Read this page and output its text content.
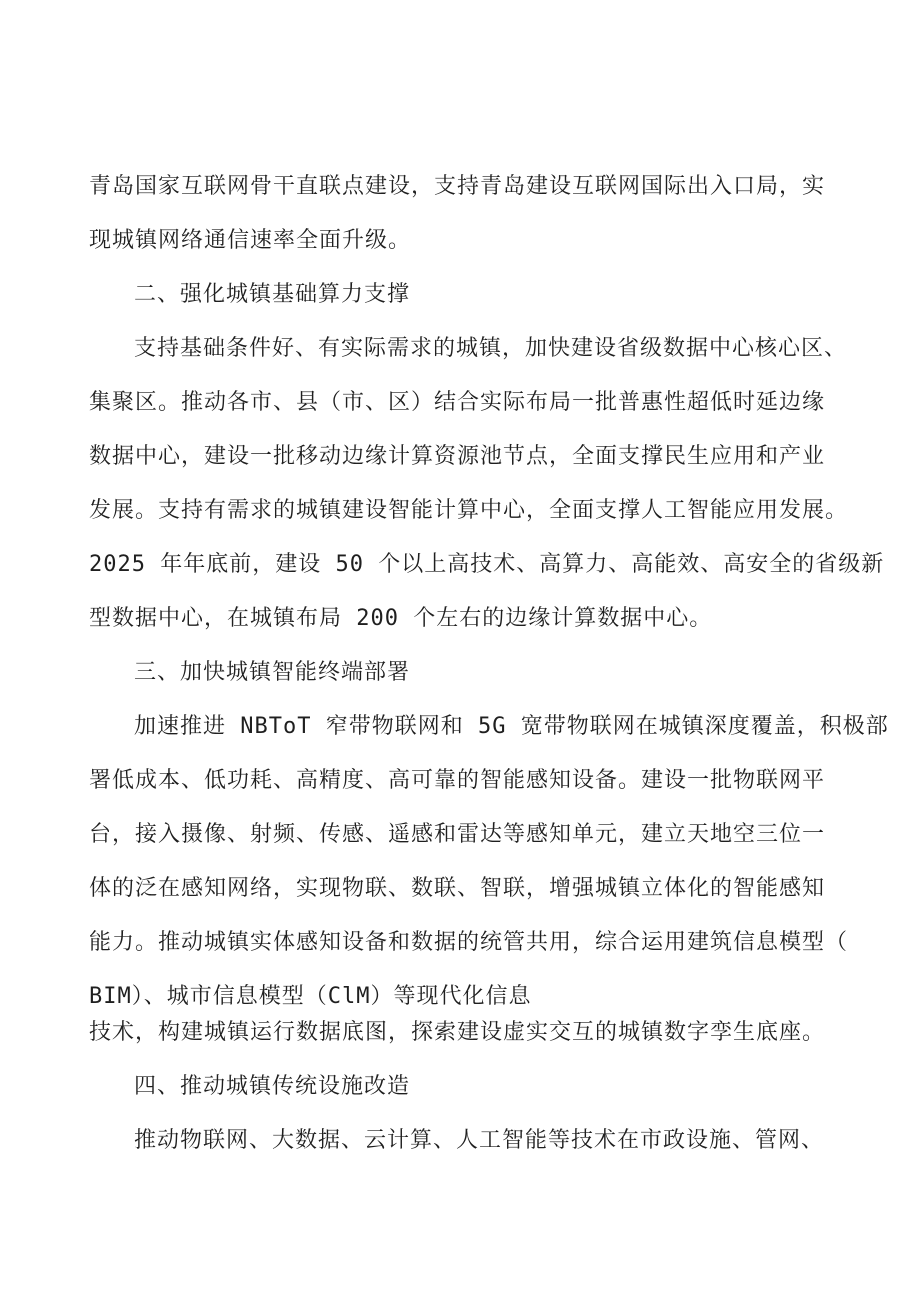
青岛国家互联网骨干直联点建设，支持青岛建设互联网国际出入口局，实

现城镇网络通信速率全面升级。

二、强化城镇基础算力支撑

支持基础条件好、有实际需求的城镇，加快建设省级数据中心核心区、

集聚区。推动各市、县（市、区）结合实际布局一批普惠性超低时延边缘

数据中心，建设一批移动边缘计算资源池节点，全面支撑民生应用和产业

发展。支持有需求的城镇建设智能计算中心，全面支撑人工智能应用发展。

2025 年年底前，建设 50 个以上高技术、高算力、高能效、高安全的省级新

型数据中心，在城镇布局 200 个左右的边缘计算数据中心。

三、加快城镇智能终端部署

加速推进 NBToT 窄带物联网和 5G 宽带物联网在城镇深度覆盖，积极部

署低成本、低功耗、高精度、高可靠的智能感知设备。建设一批物联网平

台，接入摄像、射频、传感、遥感和雷达等感知单元，建立天地空三位一

体的泛在感知网络，实现物联、数联、智联，增强城镇立体化的智能感知

能力。推动城镇实体感知设备和数据的统管共用，综合运用建筑信息模型（

BIM）、城市信息模型（ClM）等现代化信息

技术，构建城镇运行数据底图，探索建设虚实交互的城镇数字孪生底座。

四、推动城镇传统设施改造

推动物联网、大数据、云计算、人工智能等技术在市政设施、管网、
